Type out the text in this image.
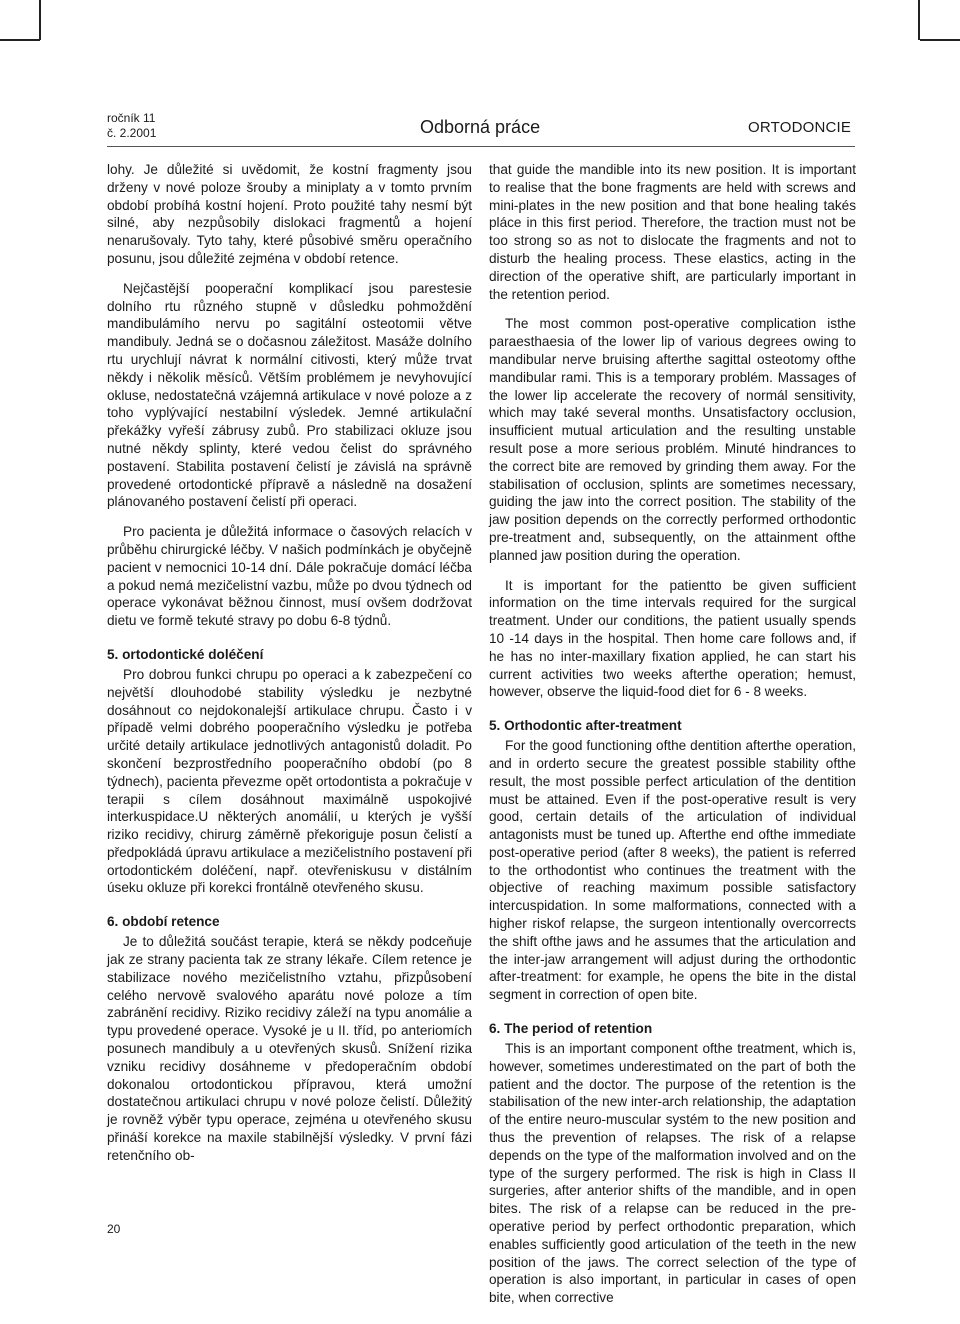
ročník 11
č. 2.2001	Odborná práce	ORTODONCIE

lohy. Je důležité si uvědomit, že kostní fragmenty jsou drženy v nové poloze šrouby a miniplaty a v tomto prvním období probíhá kostní hojení. Proto použité tahy nesmí být silné, aby nezpůsobily dislokaci fragmentů a hojení nenarušovaly. Tyto tahy, které působivé směru operačního posunu, jsou důležité zejména v období retence.

Nejčastější pooperační komplikací jsou parestesie dolního rtu různého stupně v důsledku pohmoždění mandibulámího nervu po sagitální osteotomii větve mandibuly. Jedná se o dočasnou záležitost. Masáže dolního rtu urychlují návrat k normální citivosti, který může trvat někdy i několik měsíců. Větším problémem je nevyhovující okluse, nedostatečná vzájemná artikulace v nové poloze a z toho vyplývající nestabilní výsledek. Jemné artikulační překážky vyřeší zábrusy zubů. Pro stabilizaci okluze jsou nutné někdy splinty, které vedou čelist do správného postavení. Stabilita postavení čelistí je závislá na správně provedené ortodontické přípravě a následně na dosažení plánovaného postavení čelistí při operaci.

Pro pacienta je důležitá informace o časových relacích v průběhu chirurgické léčby. V našich podmínkách je obyčejně pacient v nemocnici 10-14 dní. Dále pokračuje domácí léčba a pokud nemá mezičelistní vazbu, může po dvou týdnech od operace vykonávat běžnou činnost, musí ovšem dodržovat dietu ve formě tekuté stravy po dobu 6-8 týdnů.

5. ortodontické doléčení

Pro dobrou funkci chrupu po operaci a k zabezpečení co největší dlouhodobé stability výsledku je nezbytné dosáhnout co nejdokonalejší artikulace chrupu. Často i v případě velmi dobrého pooperačního výsledku je potřeba určité detaily artikulace jednotlivých antagonistů doladit. Po skončení bezprostředního pooperačního období (po 8 týdnech), pacienta převezme opět ortodontista a pokračuje v terapii s cílem dosáhnout maximálně uspokojivé interkuspidace.U některých anomálií, u kterých je vyšší riziko recidivy, chirurg záměrně překoriguje posun čelistí a předpokládá úpravu artikulace a mezičelistního postavení při ortodontickém doléčení, např. otevřeniskusu v distálním úseku okluze při korekci frontálně otevřeného skusu.

6. období retence

Je to důležitá součást terapie, která se někdy podceňuje jak ze strany pacienta tak ze strany lékaře. Cílem retence je stabilizace nového mezičelistního vztahu, přizpůsobení celého nervově svalového aparátu nové poloze a tím zabránění recidivy. Riziko recidivy záleží na typu anomálie a typu provedené operace. Vysoké je u II. tříd, po anteriomích posunech mandibuly a u otevřených skusů. Snížení rizika vzniku recidivy dosáhneme v předoperačním období dokonalou ortodontickou přípravou, která umožní dostatečnou artikulaci chrupu v nové poloze čelistí. Důležitý je rovněž výběr typu operace, zejména u otevřeného skusu přináší korekce na maxile stabilnější výsledky. V první fázi retenčního ob-

that guide the mandible into its new position. It is important to realise that the bone fragments are held with screws and mini-plates in the new position and that bone healing takés pláce in this first period. Therefore, the traction must not be too strong so as not to dislocate the fragments and not to disturb the healing process. These elastics, acting in the direction of the operative shift, are particularly important in the retention period.

The most common post-operative complication isthe paraesthaesia of the lower lip of various degrees owing to mandibular nerve bruising afterthe sagittal osteotomy ofthe mandibular rami. This is a temporary problém. Massages of the lower lip accelerate the recovery of normál sensitivity, which may také several months. Unsatisfactory occlusion, insufficient mutual articulation and the resulting unstable result pose a more serious problém. Minuté hindrances to the correct bite are removed by grinding them away. For the stabilisation of occlusion, splints are sometimes necessary, guiding the jaw into the correct position. The stability of the jaw position depends on the correctly performed orthodontic pre-treatment and, subsequently, on the attainment ofthe planned jaw position during the operation.

It is important for the patientto be given sufficient information on the time intervals required for the surgical treatment. Under our conditions, the patient usually spends 10 -14 days in the hospital. Then home care follows and, if he has no inter-maxillary fixation applied, he can start his current activities two weeks afterthe operation; hemust, however, observe the liquid-food diet for 6 - 8 weeks.

5. Orthodontic after-treatment

For the good functioning ofthe dentition afterthe operation, and in orderto secure the greatest possible stability ofthe result, the most possible perfect articulation of the dentition must be attained. Even if the post-operative result is very good, certain details of the articulation of individual antagonists must be tuned up. Afterthe end ofthe immediate post-operative period (after 8 weeks), the patient is referred to the orthodontist who continues the treatment with the objective of reaching maximum possible satisfactory intercuspidation. In some malformations, connected with a higher riskof relapse, the surgeon intentionally overcorrects the shift ofthe jaws and he assumes that the articulation and the inter-jaw arrangement will adjust during the orthodontic after-treatment: for example, he opens the bite in the distal segment in correction of open bite.

6. The period of retention

This is an important component ofthe treatment, which is, however, sometimes underestimated on the part of both the patient and the doctor. The purpose of the retention is the stabilisation of the new inter-arch relationship, the adaptation of the entire neuro-muscular systém to the new position and thus the prevention of relapses. The risk of a relapse depends on the type of the malformation involved and on the type of the surgery performed. The risk is high in Class II surgeries, after anterior shifts of the mandible, and in open bites. The risk of a relapse can be reduced in the pre-operative period by perfect orthodontic preparation, which enables sufficiently good articulation of the teeth in the new position of the jaws. The correct selection of the type of operation is also important, in particular in cases of open bite, when corrective

20
